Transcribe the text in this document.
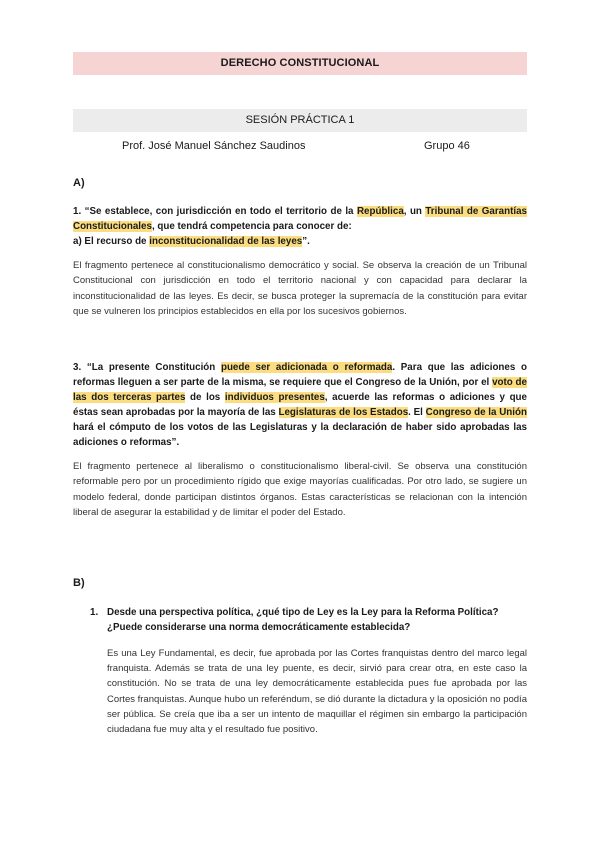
DERECHO CONSTITUCIONAL
SESIÓN PRÁCTICA 1
Prof. José Manuel Sánchez Saudinos	Grupo 46
A)
1. “Se establece, con jurisdicción en todo el territorio de la República, un Tribunal de Garantías Constitucionales, que tendrá competencia para conocer de:
a) El recurso de inconstitucionalidad de las leyes”.
El fragmento pertenece al constitucionalismo democrático y social. Se observa la creación de un Tribunal Constitucional con jurisdicción en todo el territorio nacional y con capacidad para declarar la inconstitucionalidad de las leyes. Es decir, se busca proteger la supremacía de la constitución para evitar que se vulneren los principios establecidos en ella por los sucesivos gobiernos.
3. “La presente Constitución puede ser adicionada o reformada. Para que las adiciones o reformas lleguen a ser parte de la misma, se requiere que el Congreso de la Unión, por el voto de las dos terceras partes de los individuos presentes, acuerde las reformas o adiciones y que éstas sean aprobadas por la mayoría de las Legislaturas de los Estados. El Congreso de la Unión hará el cómputo de los votos de las Legislaturas y la declaración de haber sido aprobadas las adiciones o reformas”.
El fragmento pertenece al liberalismo o constitucionalismo liberal-civil. Se observa una constitución reformable pero por un procedimiento rígido que exige mayorías cualificadas. Por otro lado, se sugiere un modelo federal, donde participan distintos órganos. Estas características se relacionan con la intención liberal de asegurar la estabilidad y de limitar el poder del Estado.
B)
1. Desde una perspectiva política, ¿qué tipo de Ley es la Ley para la Reforma Política? ¿Puede considerarse una norma democráticamente establecida?
Es una Ley Fundamental, es decir, fue aprobada por las Cortes franquistas dentro del marco legal franquista. Además se trata de una ley puente, es decir, sirvió para crear otra, en este caso la constitución. No se trata de una ley democráticamente establecida pues fue aprobada por las Cortes franquistas. Aunque hubo un referéndum, se dió durante la dictadura y la oposición no podía ser pública. Se creía que iba a ser un intento de maquillar el régimen sin embargo la participación ciudadana fue muy alta y el resultado fue positivo.
